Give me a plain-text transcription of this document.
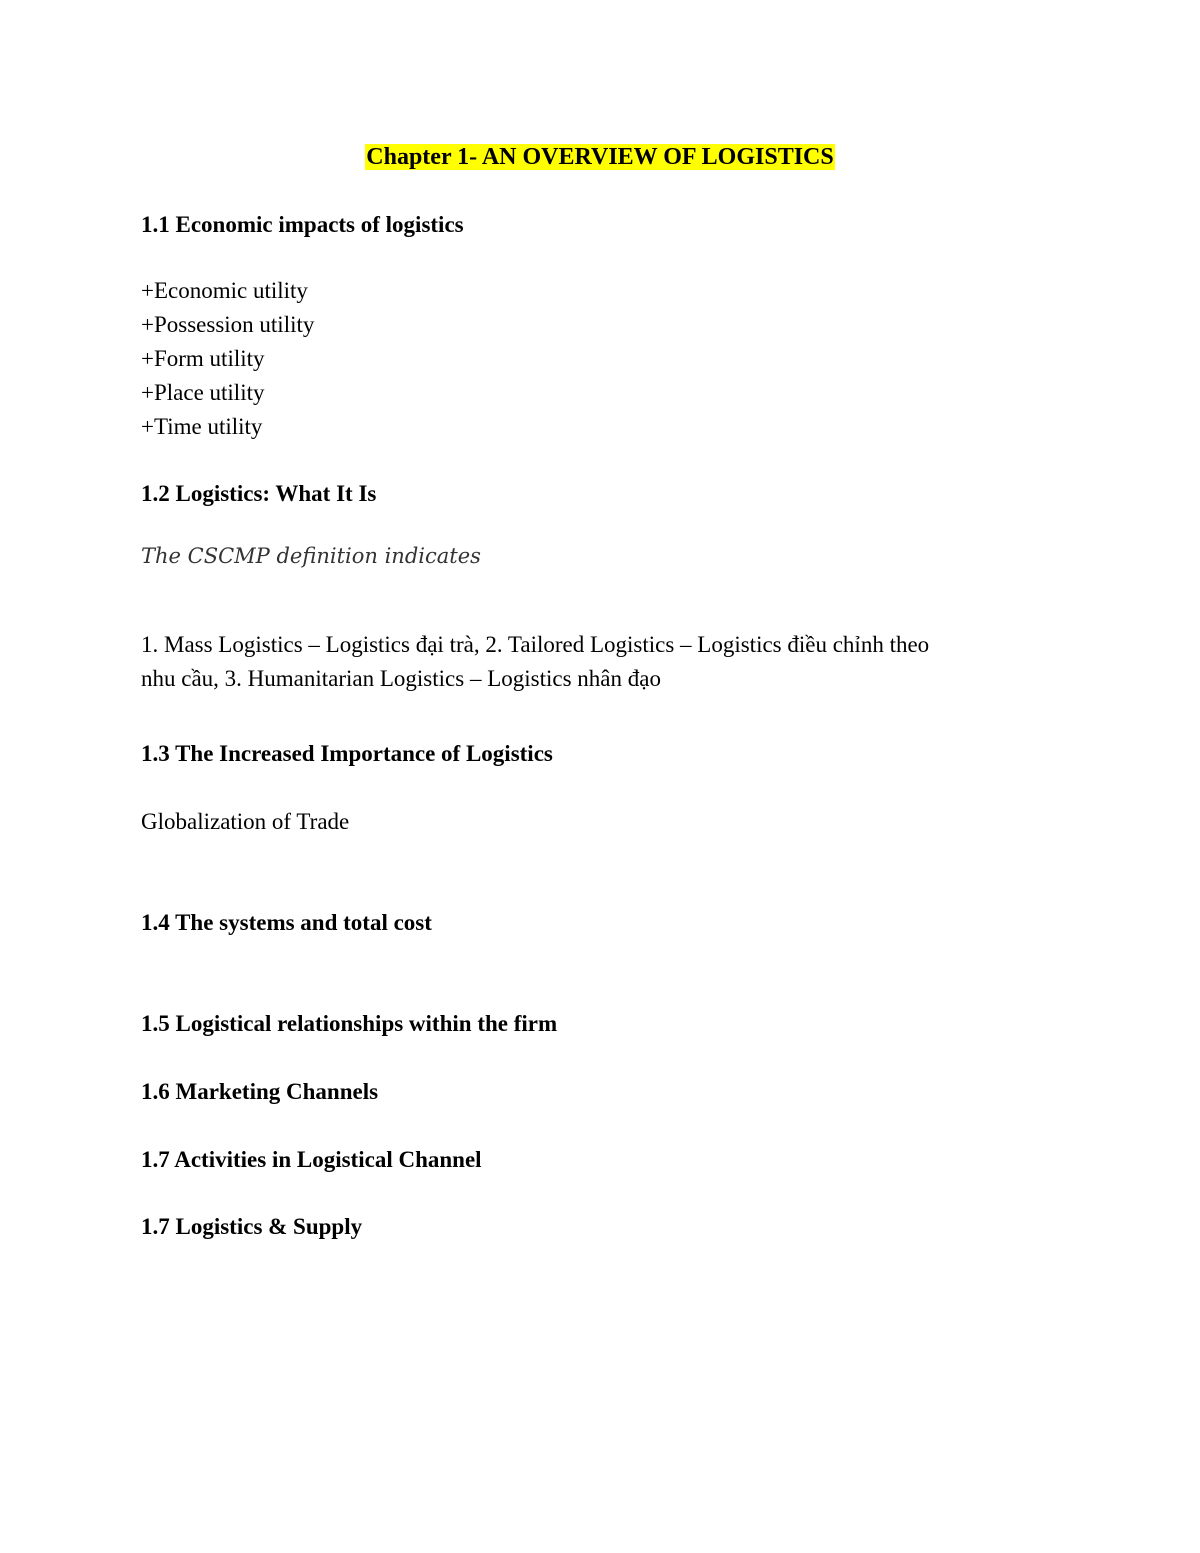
Chapter 1- AN OVERVIEW OF LOGISTICS
1.1 Economic impacts of logistics
+Economic utility
+Possession utility
+Form utility
+Place utility
+Time utility
1.2 Logistics: What It Is
The CSCMP definition indicates
1. Mass Logistics – Logistics đại trà, 2. Tailored Logistics – Logistics điều chỉnh theo
nhu cầu, 3. Humanitarian Logistics – Logistics nhân đạo
1.3 The Increased Importance of Logistics
Globalization of Trade
1.4 The systems and total cost
1.5 Logistical relationships within the firm
1.6 Marketing Channels
1.7 Activities in Logistical Channel
1.7 Logistics & Supply
